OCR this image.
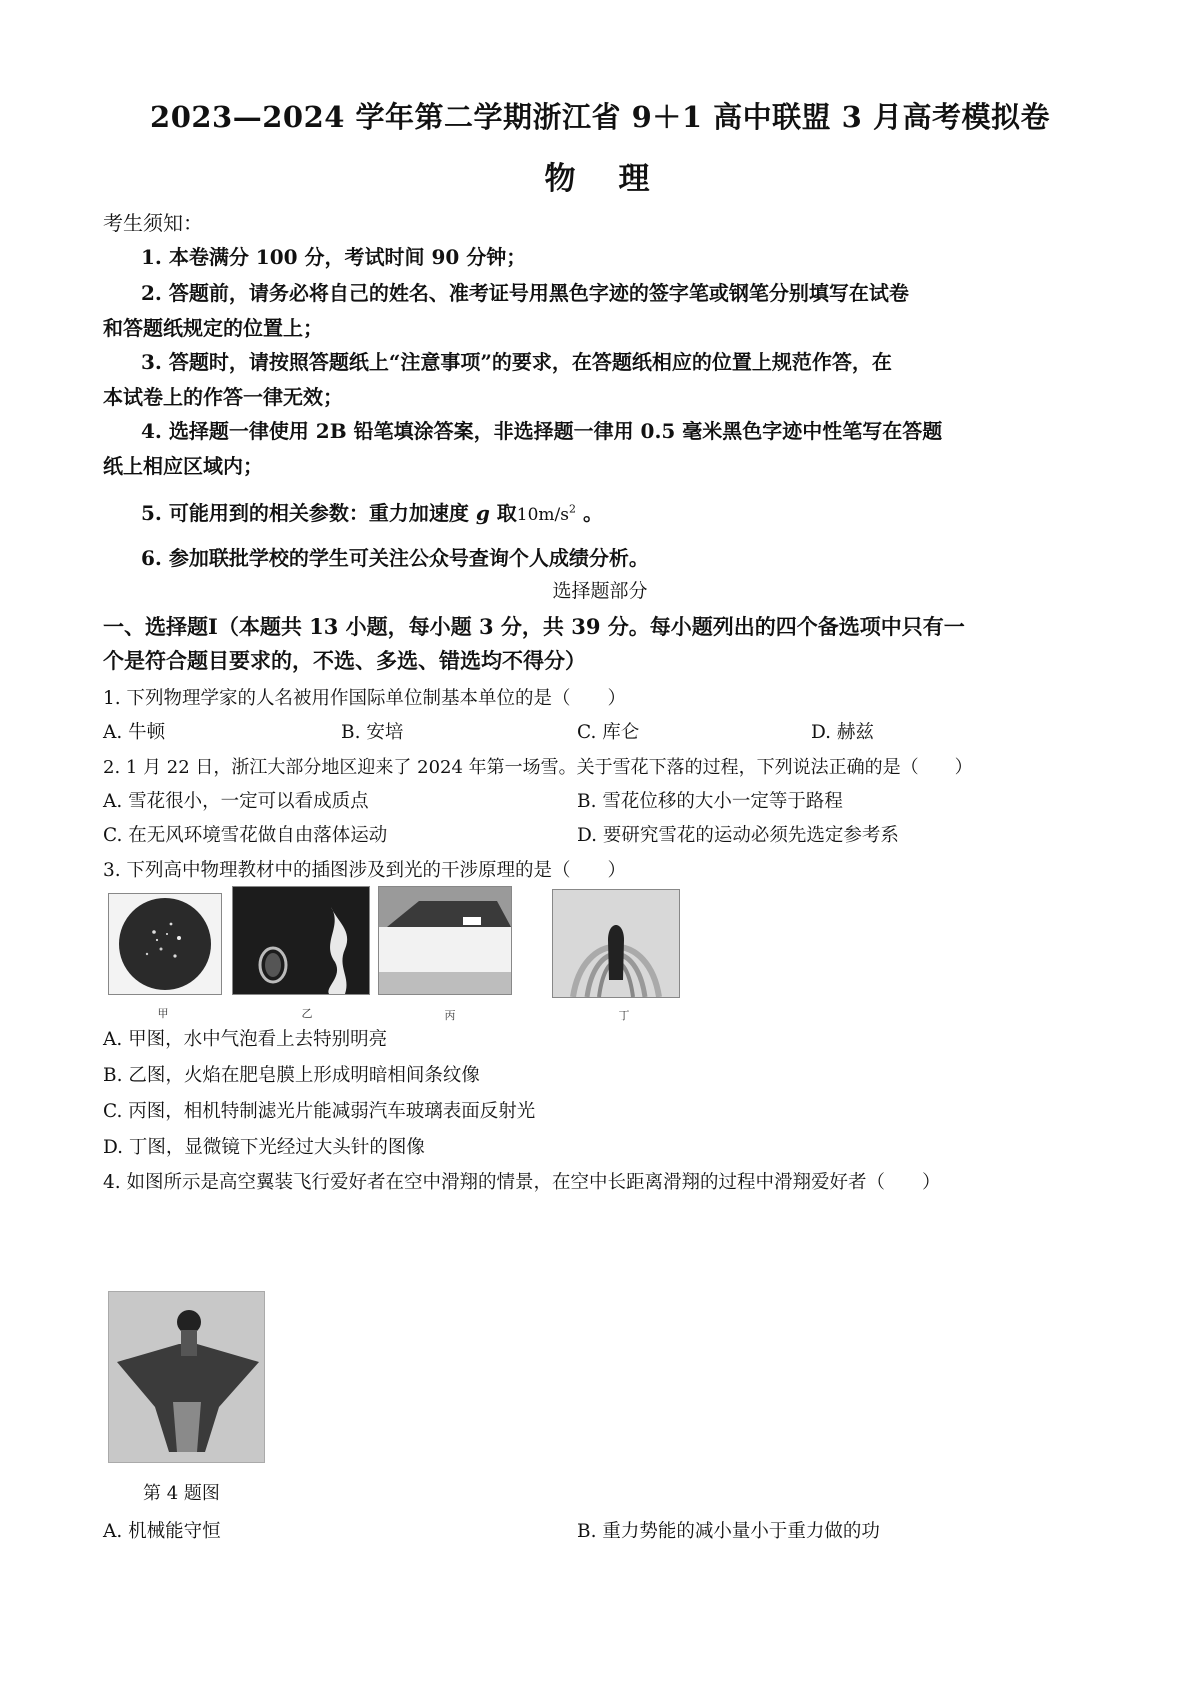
2023—2024 学年第二学期浙江省 9＋1 高中联盟 3 月高考模拟卷
物　理
考生须知：
1. 本卷满分 100 分，考试时间 90 分钟；
2. 答题前，请务必将自己的姓名、准考证号用黑色字迹的签字笔或钢笔分别填写在试卷
和答题纸规定的位置上；
3. 答题时，请按照答题纸上“注意事项”的要求，在答题纸相应的位置上规范作答，在
本试卷上的作答一律无效；
4. 选择题一律使用 2B 铅笔填涂答案，非选择题一律用 0.5 毫米黑色字迹中性笔写在答题
纸上相应区域内；
5. 可能用到的相关参数：重力加速度 g 取$10m/s^2$ 。
6. 参加联批学校的学生可关注公众号查询个人成绩分析。
选择题部分
一、选择题Ⅰ（本题共 13 小题，每小题 3 分，共 39 分。每小题列出的四个备选项中只有一
个是符合题目要求的，不选、多选、错选均不得分）
1. 下列物理学家的人名被用作国际单位制基本单位的是（　　）
A. 牛顿	B. 安培	C. 库仑	D. 赫兹
2. 1 月 22 日，浙江大部分地区迎来了 2024 年第一场雪。关于雪花下落的过程，下列说法正确的是（　　）
A. 雪花很小，一定可以看成质点	B. 雪花位移的大小一定等于路程
C. 在无风环境雪花做自由落体运动	D. 要研究雪花的运动必须先选定参考系
3. 下列高中物理教材中的插图涉及到光的干涉原理的是（　　）
甲	乙	丙	丁
A. 甲图，水中气泡看上去特别明亮
B. 乙图，火焰在肥皂膜上形成明暗相间条纹像
C. 丙图，相机特制滤光片能减弱汽车玻璃表面反射光
D. 丁图，显微镜下光经过大头针的图像
4. 如图所示是高空翼装飞行爱好者在空中滑翔的情景，在空中长距离滑翔的过程中滑翔爱好者（　　）
第 4 题图
A. 机械能守恒	B. 重力势能的减小量小于重力做的功
